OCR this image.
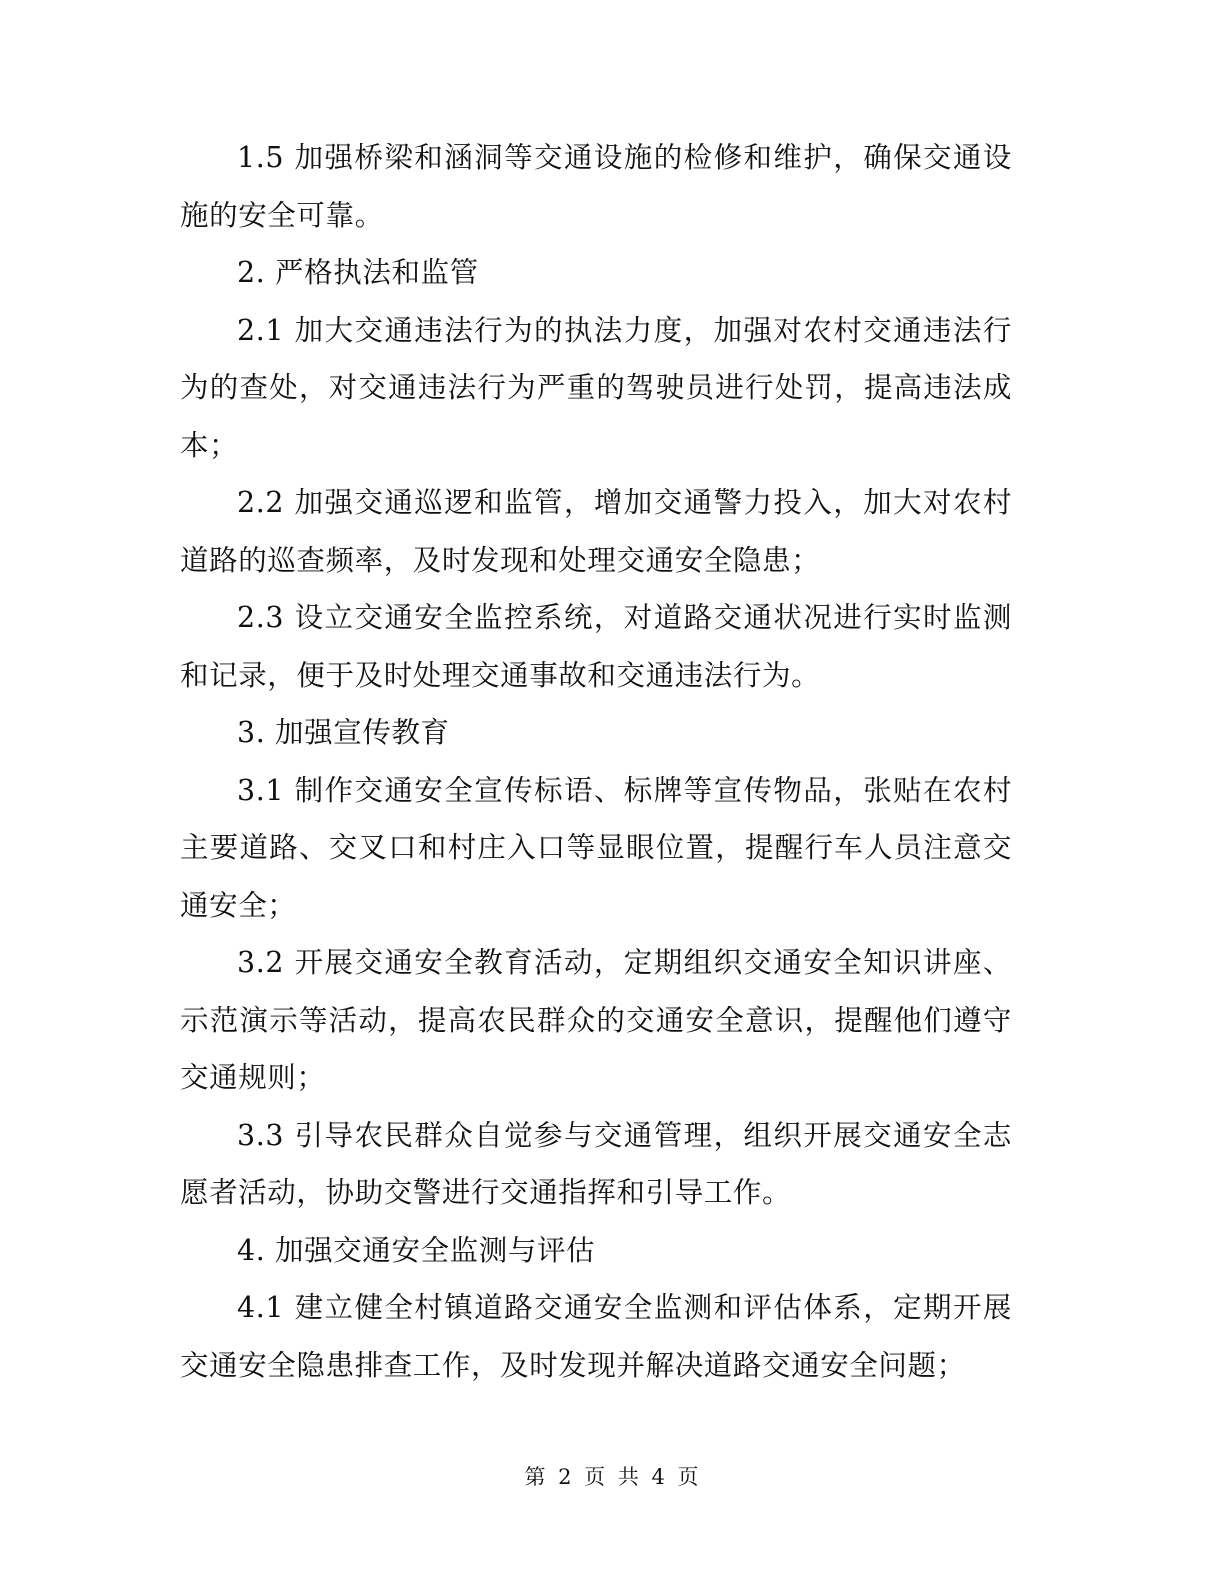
1.5 加强桥梁和涵洞等交通设施的检修和维护，确保交通设施的安全可靠。

2. 严格执法和监管

2.1 加大交通违法行为的执法力度，加强对农村交通违法行为的查处，对交通违法行为严重的驾驶员进行处罚，提高违法成本；

2.2 加强交通巡逻和监管，增加交通警力投入，加大对农村道路的巡查频率，及时发现和处理交通安全隐患；

2.3 设立交通安全监控系统，对道路交通状况进行实时监测和记录，便于及时处理交通事故和交通违法行为。

3. 加强宣传教育

3.1 制作交通安全宣传标语、标牌等宣传物品，张贴在农村主要道路、交叉口和村庄入口等显眼位置，提醒行车人员注意交通安全；

3.2 开展交通安全教育活动，定期组织交通安全知识讲座、示范演示等活动，提高农民群众的交通安全意识，提醒他们遵守交通规则；

3.3 引导农民群众自觉参与交通管理，组织开展交通安全志愿者活动，协助交警进行交通指挥和引导工作。

4. 加强交通安全监测与评估

4.1 建立健全村镇道路交通安全监测和评估体系，定期开展交通安全隐患排查工作，及时发现并解决道路交通安全问题；

第 2 页 共 4 页
